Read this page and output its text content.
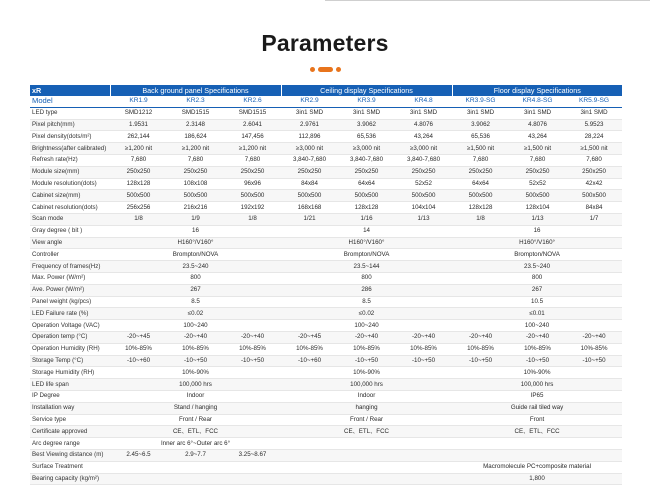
Parameters
xR	Back ground panel Specifications			Ceiling display Specifications			Floor display Specifications		
Model	KR1.9	KR2.3	KR2.6	KR2.9	KR3.9	KR4.8	KR3.9-SG	KR4.8-SG	KR5.9-SG
LED type	SMD1212	SMD1515	SMD1515	3in1 SMD	3in1 SMD	3in1 SMD	3in1 SMD	3in1 SMD	3in1 SMD
Pixel pitch(mm)	1.9531	2.3148	2.6041	2.9761	3.9062	4.8076	3.9062	4.8076	5.9523
Pixel density(dots/m²)	262,144	186,624	147,456	112,896	65,536	43,264	65,536	43,264	28,224
Brightness(after calibrated)	≥1,200 nit	≥1,200 nit	≥1,200 nit	≥3,000 nit	≥3,000 nit	≥3,000 nit	≥1,500 nit	≥1,500 nit	≥1,500 nit
Refresh rate(Hz)	7,680	7,680	7,680	3,840-7,680	3,840-7,680	3,840-7,680	7,680	7,680	7,680
Module size(mm)	250x250	250x250	250x250	250x250	250x250	250x250	250x250	250x250	250x250
Module resolution(dots)	128x128	108x108	96x96	84x84	64x64	52x52	64x64	52x52	42x42
Cabinet size(mm)	500x500	500x500	500x500	500x500	500x500	500x500	500x500	500x500	500x500
Cabinet resolution(dots)	256x256	216x216	192x192	168x168	128x128	104x104	128x128	128x104	84x84
Scan mode	1/8	1/9	1/8	1/21	1/16	1/13	1/8	1/13	1/7
Gray degree ( bit )	16			14			16		
View angle	H160°/V160°			H160°/V160°			H160°/V160°		
Controller	Brompton/NOVA			Brompton/NOVA			Brompton/NOVA		
Frequency of frames(Hz)	23.5~240			23.5~144			23.5~240		
Max. Power (W/m²)	800			800			800		
Ave. Power (W/m²)	267			286			267		
Panel weight (kg/pcs)	8.5			8.5			10.5		
LED Failure rate (%)	≤0.02			≤0.02			≤0.01		
Operation Voltage (VAC)	100~240			100~240			100~240		
Operation temp (°C)	-20~+45	-20~+40	-20~+40	-20~+45	-20~+40	-20~+40	-20~+40	-20~+40	-20~+40
Operation Humidity (RH)	10%-85%	10%-85%	10%-85%	10%-85%	10%-85%	10%-85%	10%-85%	10%-85%	10%-85%
Storage Temp (°C)	-10~+60	-10~+50	-10~+50	-10~+60	-10~+50	-10~+50	-10~+50	-10~+50	-10~+50
Storage Humidity (RH)	10%-90%			10%-90%			10%-90%		
LED life span	100,000 hrs			100,000 hrs			100,000 hrs		
IP Degree	Indoor			Indoor			IP65		
Installation way	Stand / hanging			hanging			Guide rail tiled way		
Service type	Front / Rear			Front / Rear			Front		
Certificate approved	CE、ETL、FCC			CE、ETL、FCC			CE、ETL、FCC		
Arc degree range	Inner arc 6°~Outer arc 6°								
Best Viewing distance (m)	2.45~6.5	2.9~7.7	3.25~8.67						
Surface Treatment							Macromolecule PC+composite material		
Bearing capacity (kg/m²)							1,800		
